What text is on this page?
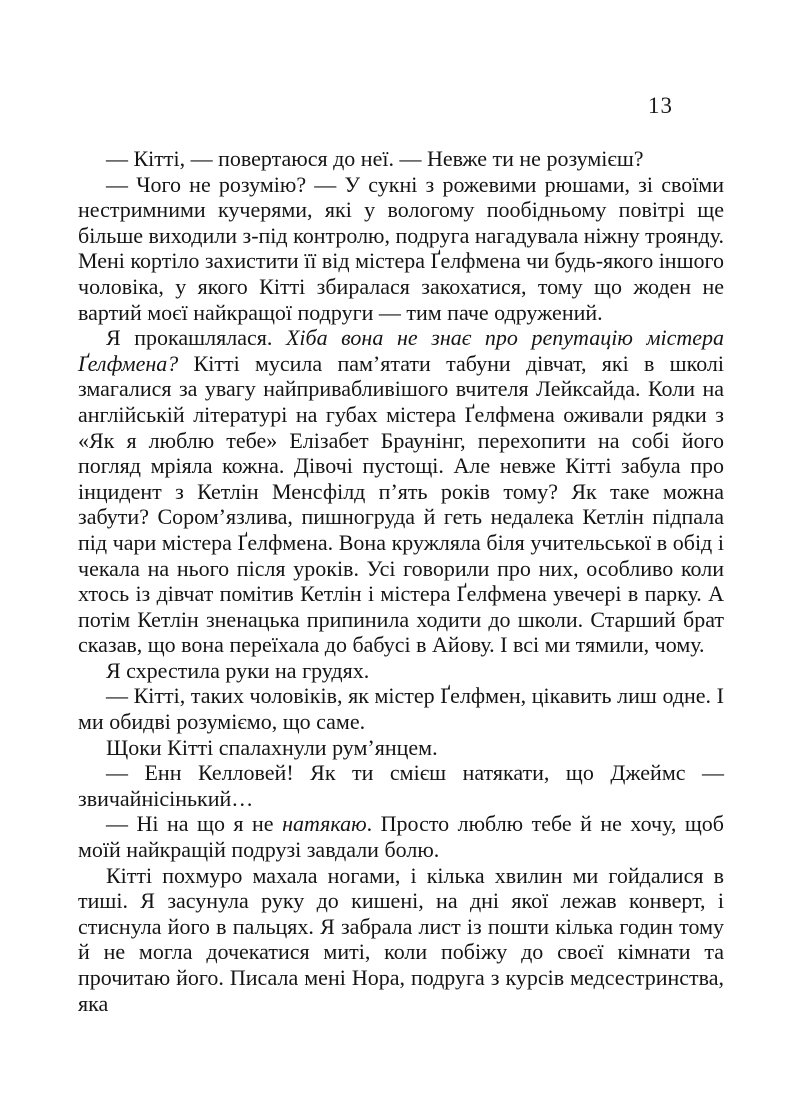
13

— Кітті, — повертаюся до неї. — Невже ти не розумієш?

— Чого не розумію? — У сукні з рожевими рюшами, зі своїми нестримними кучерями, які у вологому пообідньому повітрі ще більше виходили з-під контролю, подруга нагадувала ніжну троянду. Мені кортіло захистити її від містера Ґелфмена чи будь-якого іншого чоловіка, у якого Кітті збиралася закохатися, тому що жоден не вартий моєї найкращої подруги — тим паче одружений.

Я прокашлялася. Хіба вона не знає про репутацію містера Ґелфмена? Кітті мусила пам’ятати табуни дівчат, які в школі змагалися за увагу найпривабливішого вчителя Лейксайда. Коли на англійській літературі на губах містера Ґелфмена оживали рядки з «Як я люблю тебе» Елізабет Браунінг, перехопити на собі його погляд мріяла кожна. Дівочі пустощі. Але невже Кітті забула про інцидент з Кетлін Менсфілд п’ять років тому? Як таке можна забути? Сором’язлива, пишногруда й геть недалека Кетлін підпала під чари містера Ґелфмена. Вона кружляла біля учительської в обід і чекала на нього після уроків. Усі говорили про них, особливо коли хтось із дівчат помітив Кетлін і містера Ґелфмена увечері в парку. А потім Кетлін зненацька припинила ходити до школи. Старший брат сказав, що вона переїхала до бабусі в Айову. І всі ми тямили, чому.

Я схрестила руки на грудях.

— Кітті, таких чоловіків, як містер Ґелфмен, цікавить лиш одне. І ми обидві розуміємо, що саме.

Щоки Кітті спалахнули рум’янцем.

— Енн Келловей! Як ти смієш натякати, що Джеймс — звичайнісінький…

— Ні на що я не натякаю. Просто люблю тебе й не хочу, щоб моїй найкращій подрузі завдали болю.

Кітті похмуро махала ногами, і кілька хвилин ми гойдалися в тиші. Я засунула руку до кишені, на дні якої лежав конверт, і стиснула його в пальцях. Я забрала лист із пошти кілька годин тому й не могла дочекатися миті, коли побіжу до своєї кімнати та прочитаю його. Писала мені Нора, подруга з курсів медсестринства, яка
